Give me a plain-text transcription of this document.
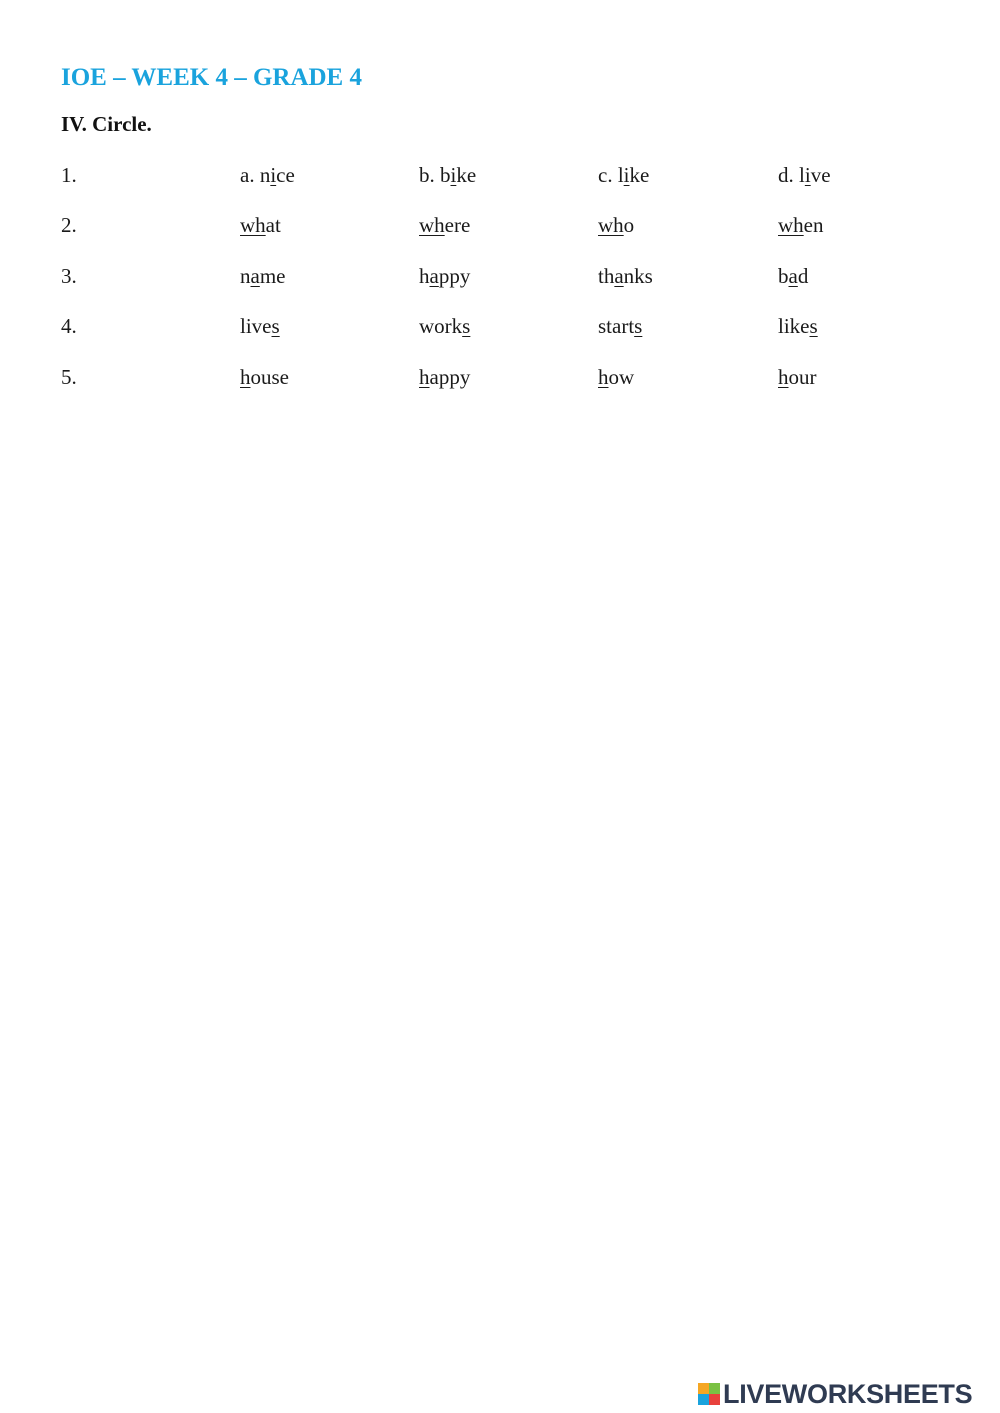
IOE – WEEK 4 – GRADE 4
IV. Circle.
1.	a. nice	b. bike	c. like	d. live
2.	what	where	who	when
3.	name	happy	thanks	bad
4.	lives	works	starts	likes
5.	house	happy	how	hour
LIVEWORKSHEETS
